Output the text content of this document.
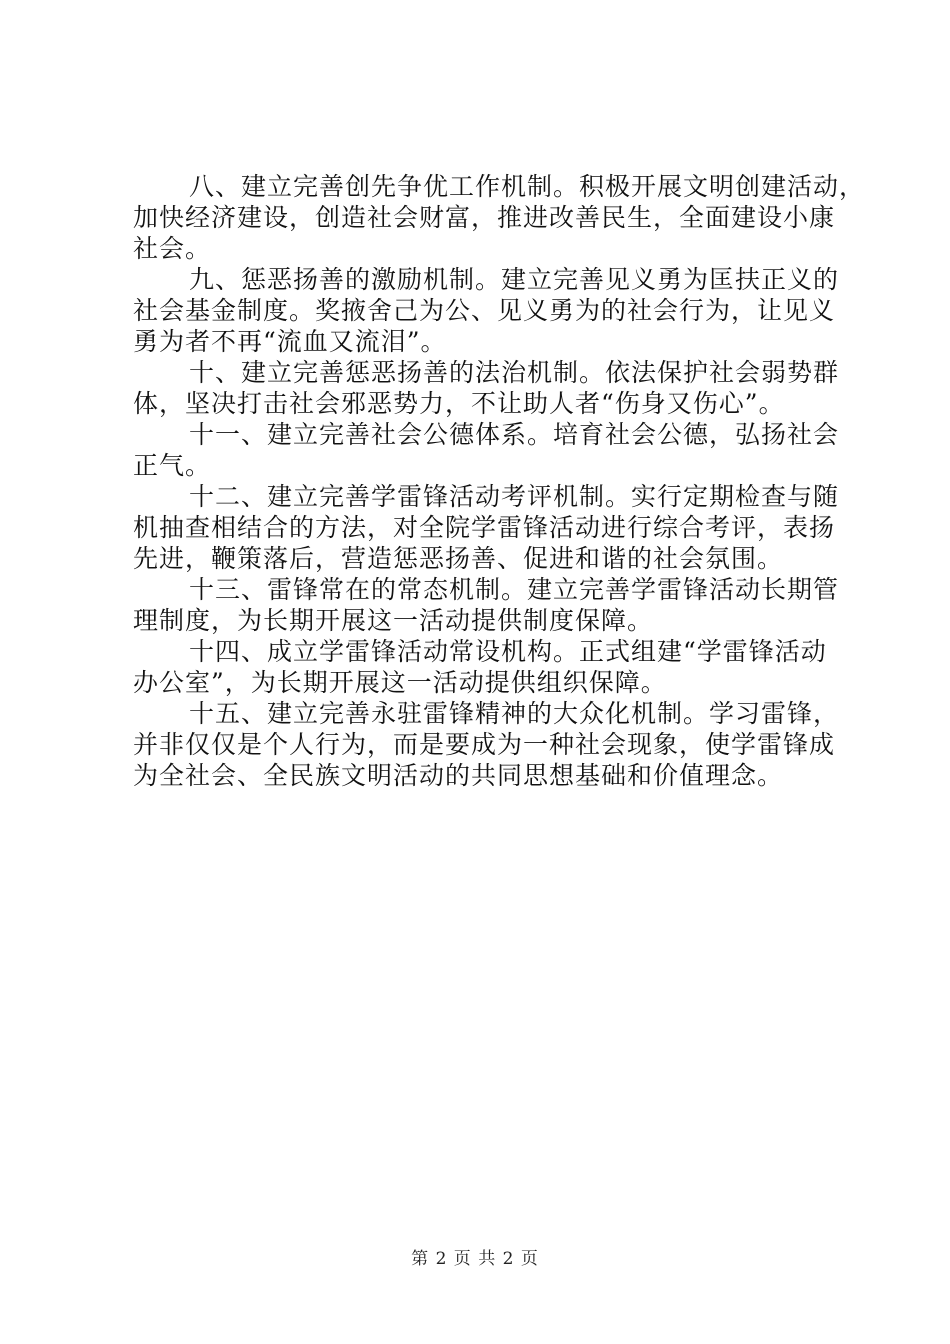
八、建立完善创先争优工作机制。积极开展文明创建活动，
加快经济建设，创造社会财富，推进改善民生，全面建设小康
社会。

九、惩恶扬善的激励机制。建立完善见义勇为匡扶正义的
社会基金制度。奖掖舍己为公、见义勇为的社会行为，让见义
勇为者不再“流血又流泪”。

十、建立完善惩恶扬善的法治机制。依法保护社会弱势群
体，坚决打击社会邪恶势力，不让助人者“伤身又伤心”。

十一、建立完善社会公德体系。培育社会公德，弘扬社会
正气。

十二、建立完善学雷锋活动考评机制。实行定期检查与随
机抽查相结合的方法，对全院学雷锋活动进行综合考评，表扬
先进，鞭策落后，营造惩恶扬善、促进和谐的社会氛围。

十三、雷锋常在的常态机制。建立完善学雷锋活动长期管
理制度，为长期开展这一活动提供制度保障。

十四、成立学雷锋活动常设机构。正式组建“学雷锋活动
办公室”，为长期开展这一活动提供组织保障。

十五、建立完善永驻雷锋精神的大众化机制。学习雷锋，
并非仅仅是个人行为，而是要成为一种社会现象，使学雷锋成
为全社会、全民族文明活动的共同思想基础和价值理念。

第 2 页 共 2 页
